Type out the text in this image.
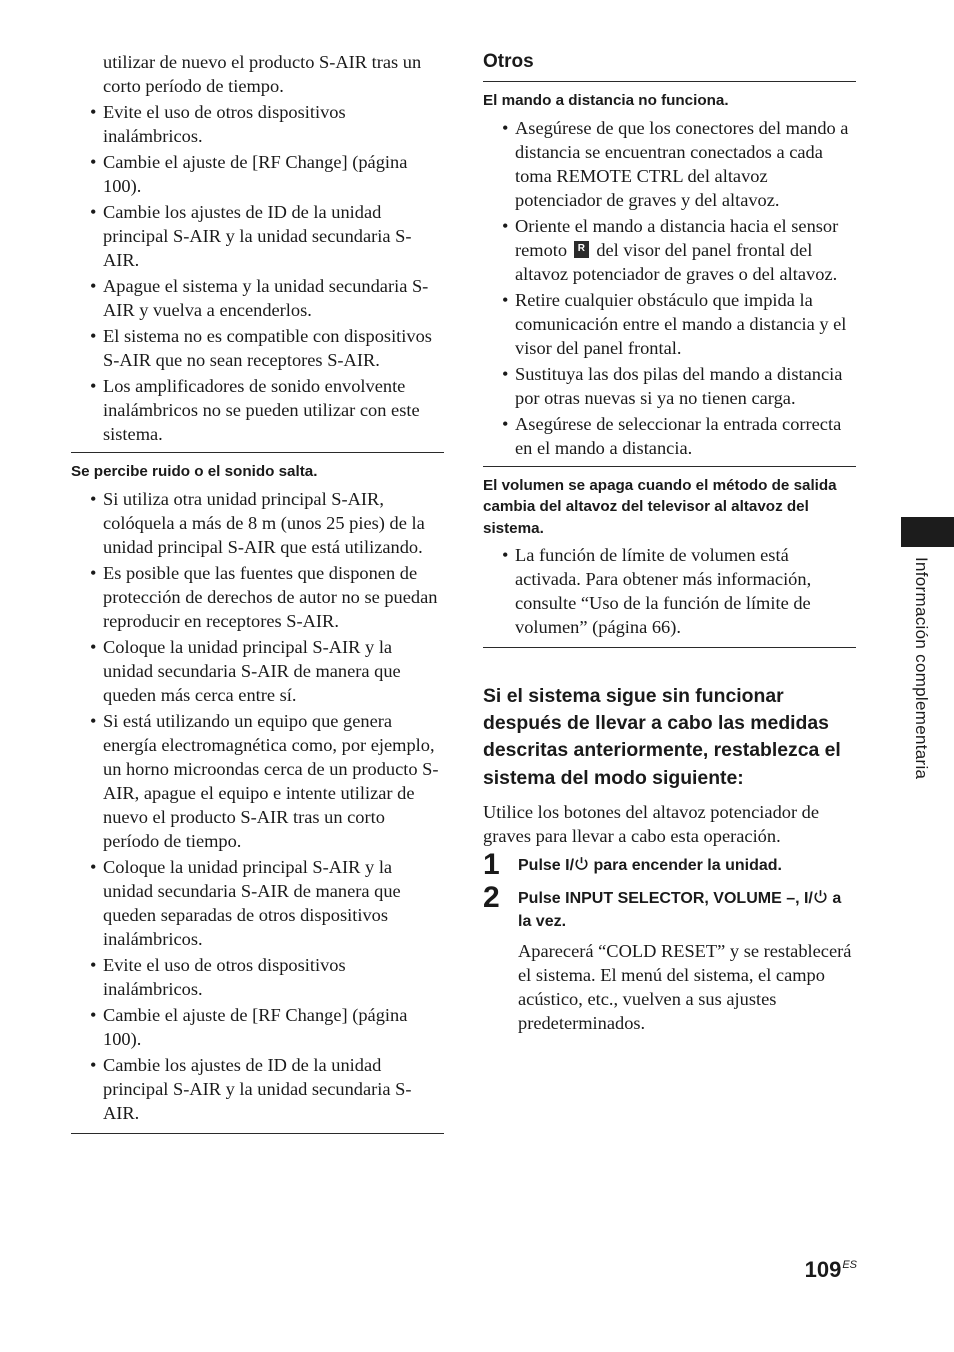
utilizar de nuevo el producto S-AIR tras un corto período de tiempo.

• Evite el uso de otros dispositivos inalámbricos.
• Cambie el ajuste de [RF Change] (página 100).
• Cambie los ajustes de ID de la unidad principal S-AIR y la unidad secundaria S-AIR.
• Apague el sistema y la unidad secundaria S-AIR y vuelva a encenderlos.
• El sistema no es compatible con dispositivos S-AIR que no sean receptores S-AIR.
• Los amplificadores de sonido envolvente inalámbricos no se pueden utilizar con este sistema.

Se percibe ruido o el sonido salta.

• Si utiliza otra unidad principal S-AIR, colóquela a más de 8 m (unos 25 pies) de la unidad principal S-AIR que está utilizando.
• Es posible que las fuentes que disponen de protección de derechos de autor no se puedan reproducir en receptores S-AIR.
• Coloque la unidad principal S-AIR y la unidad secundaria S-AIR de manera que queden más cerca entre sí.
• Si está utilizando un equipo que genera energía electromagnética como, por ejemplo, un horno microondas cerca de un producto S-AIR, apague el equipo e intente utilizar de nuevo el producto S-AIR tras un corto período de tiempo.
• Coloque la unidad principal S-AIR y la unidad secundaria S-AIR de manera que queden separadas de otros dispositivos inalámbricos.
• Evite el uso de otros dispositivos inalámbricos.
• Cambie el ajuste de [RF Change] (página 100).
• Cambie los ajustes de ID de la unidad principal S-AIR y la unidad secundaria S-AIR.
Otros

El mando a distancia no funciona.

• Asegúrese de que los conectores del mando a distancia se encuentran conectados a cada toma REMOTE CTRL del altavoz potenciador de graves y del altavoz.
• Oriente el mando a distancia hacia el sensor remoto R del visor del panel frontal del altavoz potenciador de graves o del altavoz.
• Retire cualquier obstáculo que impida la comunicación entre el mando a distancia y el visor del panel frontal.
• Sustituya las dos pilas del mando a distancia por otras nuevas si ya no tienen carga.
• Asegúrese de seleccionar la entrada correcta en el mando a distancia.

El volumen se apaga cuando el método de salida cambia del altavoz del televisor al altavoz del sistema.

• La función de límite de volumen está activada. Para obtener más información, consulte “Uso de la función de límite de volumen” (página 66).
Si el sistema sigue sin funcionar después de llevar a cabo las medidas descritas anteriormente, restablezca el sistema del modo siguiente:

Utilice los botones del altavoz potenciador de graves para llevar a cabo esta operación.

1 Pulse I/ para encender la unidad.

2 Pulse INPUT SELECTOR, VOLUME –, I/ a la vez.

Aparecerá “COLD RESET” y se restablecerá el sistema. El menú del sistema, el campo acústico, etc., vuelven a sus ajustes predeterminados.

Información complementaria
$109^{ES}$
